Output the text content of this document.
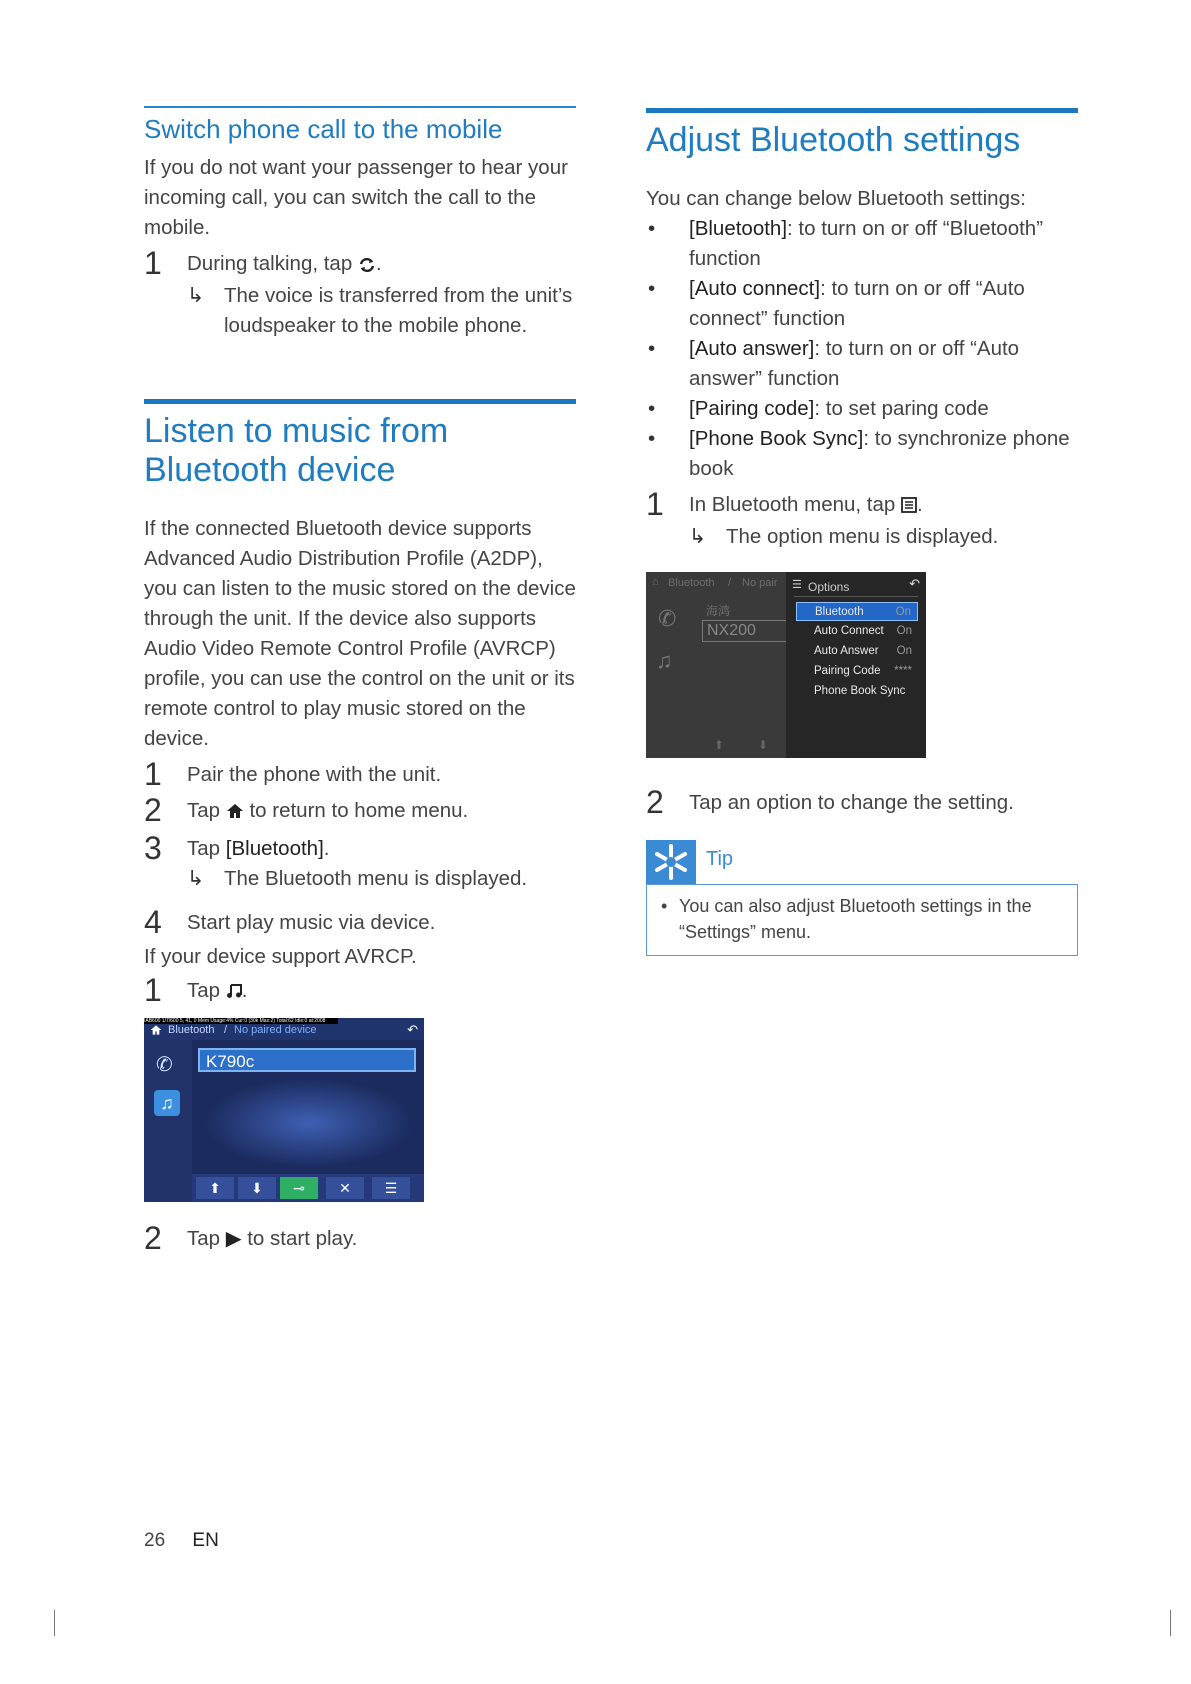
Switch phone call to the mobile

If you do not want your passenger to hear your incoming call, you can switch the call to the mobile.

1 During talking, tap .
↳ The voice is transferred from the unit’s loudspeaker to the mobile phone.
Listen to music from
Bluetooth device

If the connected Bluetooth device supports Advanced Audio Distribution Profile (A2DP), you can listen to the music stored on the device through the unit. If the device also supports Audio Video Remote Control Profile (AVRCP) profile, you can use the control on the unit or its remote control to play music stored on the device.

1 Pair the phone with the unit.
2 Tap to return to home menu.
3 Tap [Bluetooth].
↳ The Bluetooth menu is displayed.
4 Start play music via device.

If your device support AVRCP.

1 Tap .
IAB600 1/7/600 5, 41, 0 Mem Usage:4% Cur:0 (30k Max:2) Total:62 Idle:0 at:2008
Bluetooth / No paired device	↶
✆
♫
K790c
⬆	⬇	⊸	✕	☰
2 Tap ▶ to start play.
Adjust Bluetooth settings

You can change below Bluetooth settings:

• [Bluetooth]: to turn on or off “Bluetooth” function
• [Auto connect]: to turn on or off “Auto connect” function
• [Auto answer]: to turn on or off “Auto answer” function
• [Pairing code]: to set paring code
• [Phone Book Sync]: to synchronize phone book
1 In Bluetooth menu, tap .
↳ The option menu is displayed.
⌂ Bluetooth / No pair
✆
♫
海鸿
NX200
⬆	⬇
☰ Options	↶
Bluetooth	On
Auto Connect On
Auto Answer On
Pairing Code ****
Phone Book Sync
2 Tap an option to change the setting.
Tip
• You can also adjust Bluetooth settings in the “Settings” menu.
26 EN
